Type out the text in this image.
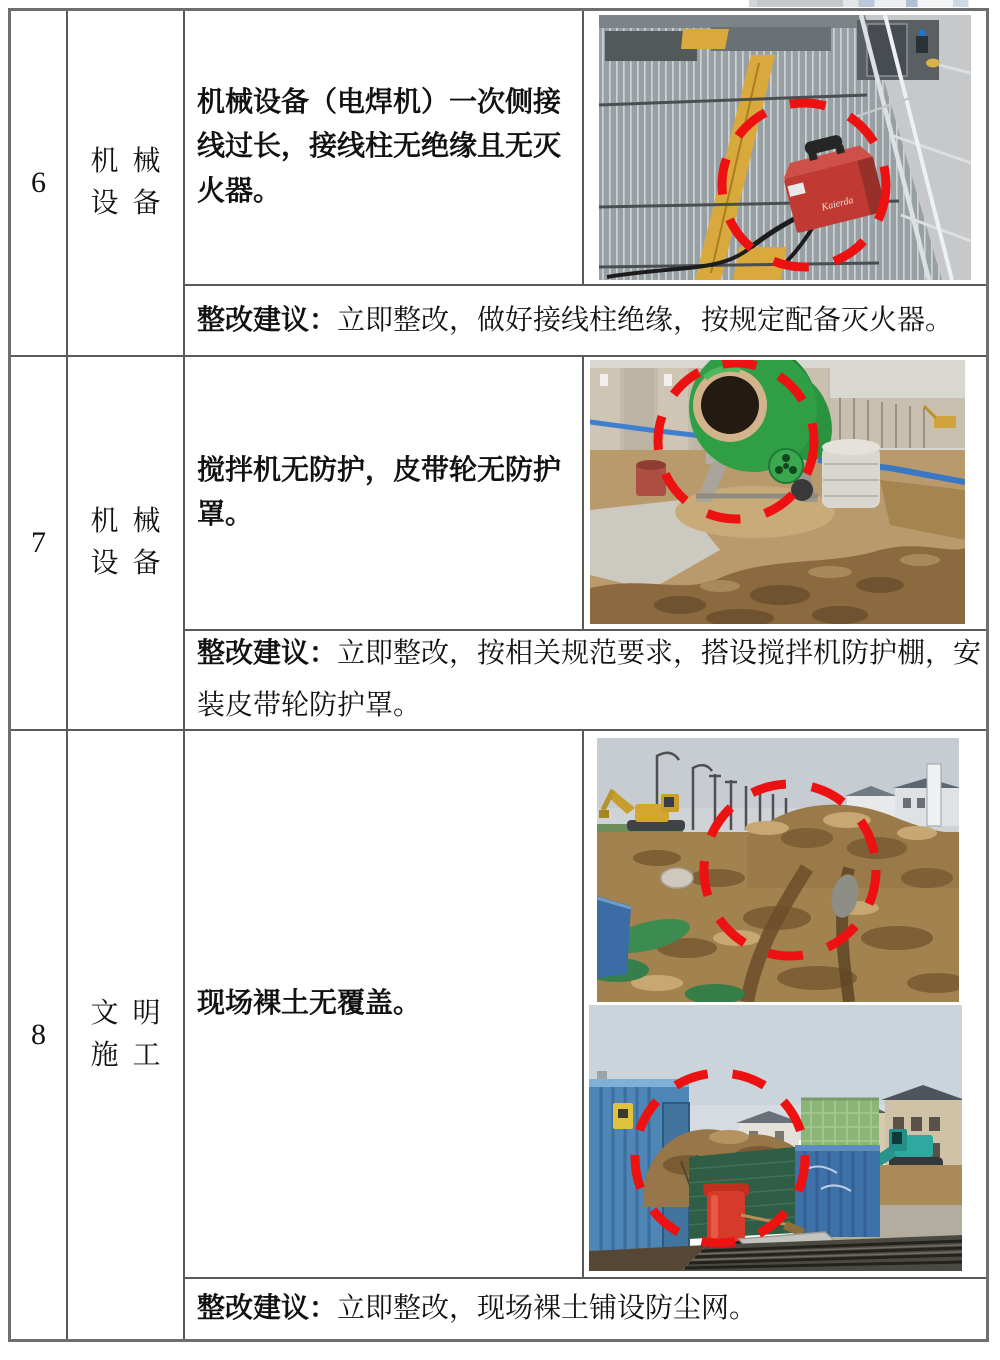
6
机械
设备
机械设备（电焊机）一次侧接线过长，接线柱无绝缘且无灭火器。	Kaierda
整改建议：立即整改，做好接线柱绝缘，按规定配备灭火器。
7
机械
设备
搅拌机无防护，皮带轮无防护罩。
整改建议：立即整改，按相关规范要求，搭设搅拌机防护棚，安装皮带轮防护罩。
8
文明
施工
现场裸土无覆盖。
整改建议：立即整改，现场裸土铺设防尘网。
